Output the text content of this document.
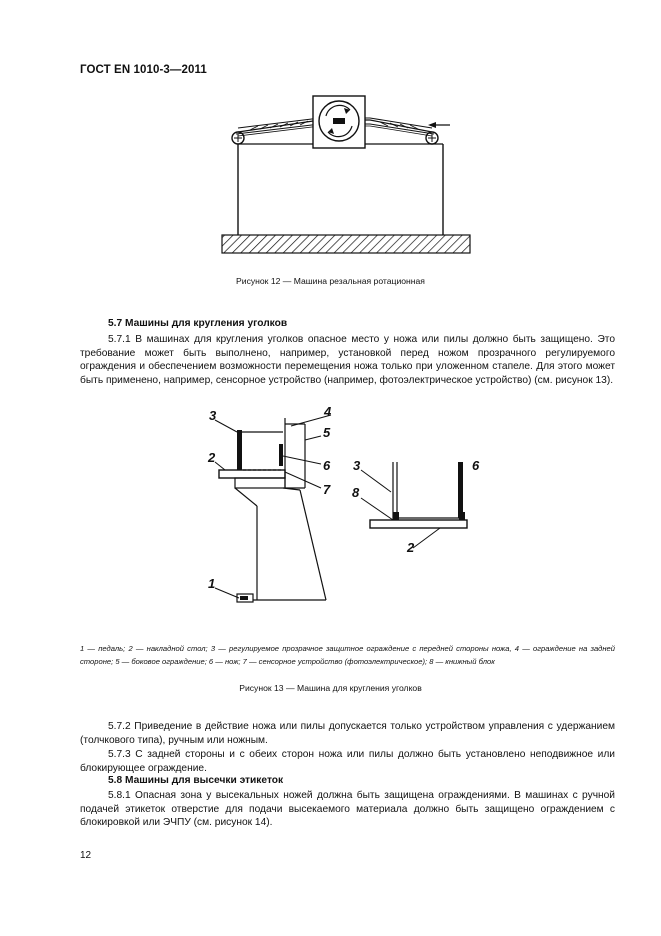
ГОСТ EN 1010-3—2011
Рисунок 12 — Машина резальная ротационная
5.7 Машины для кругления уголков
5.7.1 В машинах для кругления уголков опасное место у ножа или пилы должно быть защищено. Это требование может быть выполнено, например, установкой перед ножом прозрачного регулируемого ограждения и обеспечением возможности перемещения ножа только при уложенном стапеле. Для этого может быть применено, например, сенсорное устройство (например, фотоэлектрическое устройство) (см. рисунок 13).
3
2
1
4
5
6
7
3	6
8
2
1 — педаль; 2 — накладной стол; 3 — регулируемое прозрачное защитное ограждение с передней стороны ножа, 4 — ограждение на задней стороне; 5 — боковое ограждение; 6 — нож; 7 — сенсорное устройство (фотоэлектрическое); 8 — книжный блок
Рисунок 13 — Машина для кругления уголков
5.7.2 Приведение в действие ножа или пилы допускается только устройством управления с удержанием (толчкового типа), ручным или ножным.
5.7.3 С задней стороны и с обеих сторон ножа или пилы должно быть установлено неподвижное или блокирующее ограждение.
5.8 Машины для высечки этикеток
5.8.1 Опасная зона у высекальных ножей должна быть защищена ограждениями. В машинах с ручной подачей этикеток отверстие для подачи высекаемого материала должно быть защищено ограждением с блокировкой или ЭЧПУ (см. рисунок 14).
12
